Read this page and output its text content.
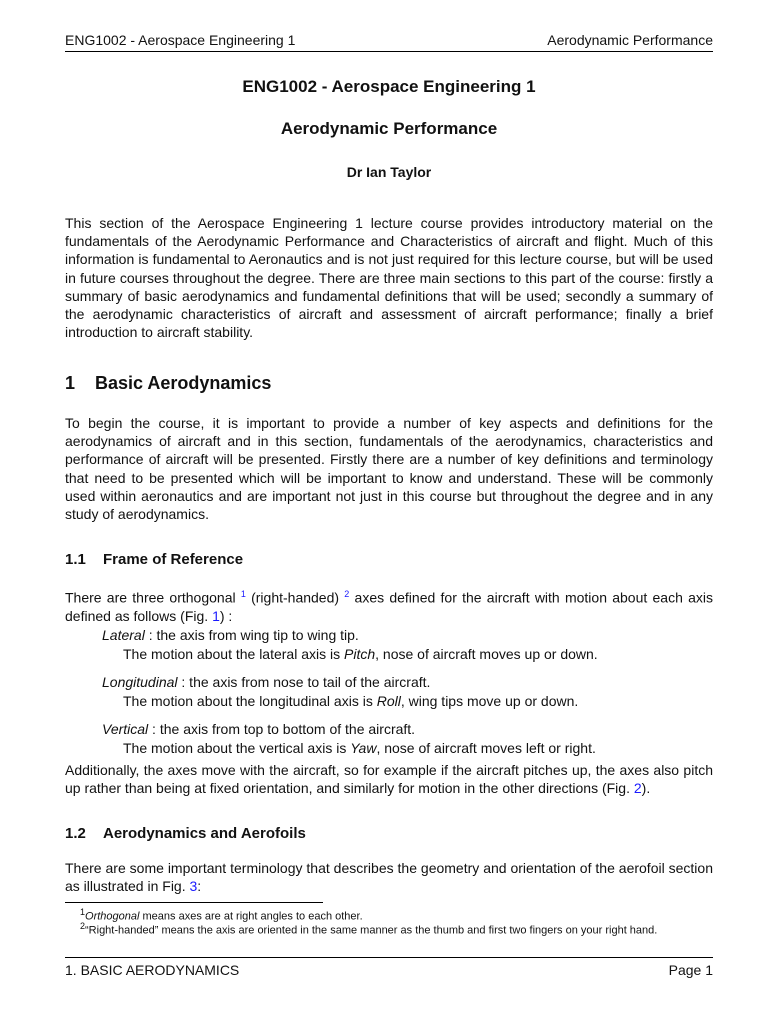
ENG1002 - Aerospace Engineering 1	Aerodynamic Performance
ENG1002 - Aerospace Engineering 1
Aerodynamic Performance
Dr Ian Taylor
This section of the Aerospace Engineering 1 lecture course provides introductory material on the fundamentals of the Aerodynamic Performance and Characteristics of aircraft and flight. Much of this information is fundamental to Aeronautics and is not just required for this lecture course, but will be used in future courses throughout the degree. There are three main sections to this part of the course: firstly a summary of basic aerodynamics and fundamental definitions that will be used; secondly a summary of the aerodynamic characteristics of aircraft and assessment of aircraft performance; finally a brief introduction to aircraft stability.
1 Basic Aerodynamics
To begin the course, it is important to provide a number of key aspects and definitions for the aerodynamics of aircraft and in this section, fundamentals of the aerodynamics, characteristics and performance of aircraft will be presented. Firstly there are a number of key definitions and terminology that need to be presented which will be important to know and understand. These will be commonly used within aeronautics and are important not just in this course but throughout the degree and in any study of aerodynamics.
1.1 Frame of Reference
There are three orthogonal $^1$ (right-handed) $^2$ axes defined for the aircraft with motion about each axis defined as follows (Fig. 1) :
Lateral : the axis from wing tip to wing tip.
The motion about the lateral axis is Pitch, nose of aircraft moves up or down.
Longitudinal : the axis from nose to tail of the aircraft.
The motion about the longitudinal axis is Roll, wing tips move up or down.
Vertical : the axis from top to bottom of the aircraft.
The motion about the vertical axis is Yaw, nose of aircraft moves left or right.
Additionally, the axes move with the aircraft, so for example if the aircraft pitches up, the axes also pitch up rather than being at fixed orientation, and similarly for motion in the other directions (Fig. 2).
1.2 Aerodynamics and Aerofoils
There are some important terminology that describes the geometry and orientation of the aerofoil section as illustrated in Fig. 3:
$^1$Orthogonal means axes are at right angles to each other.
$^2$“Right-handed” means the axis are oriented in the same manner as the thumb and first two fingers on your right hand.
1. BASIC AERODYNAMICS	Page 1
